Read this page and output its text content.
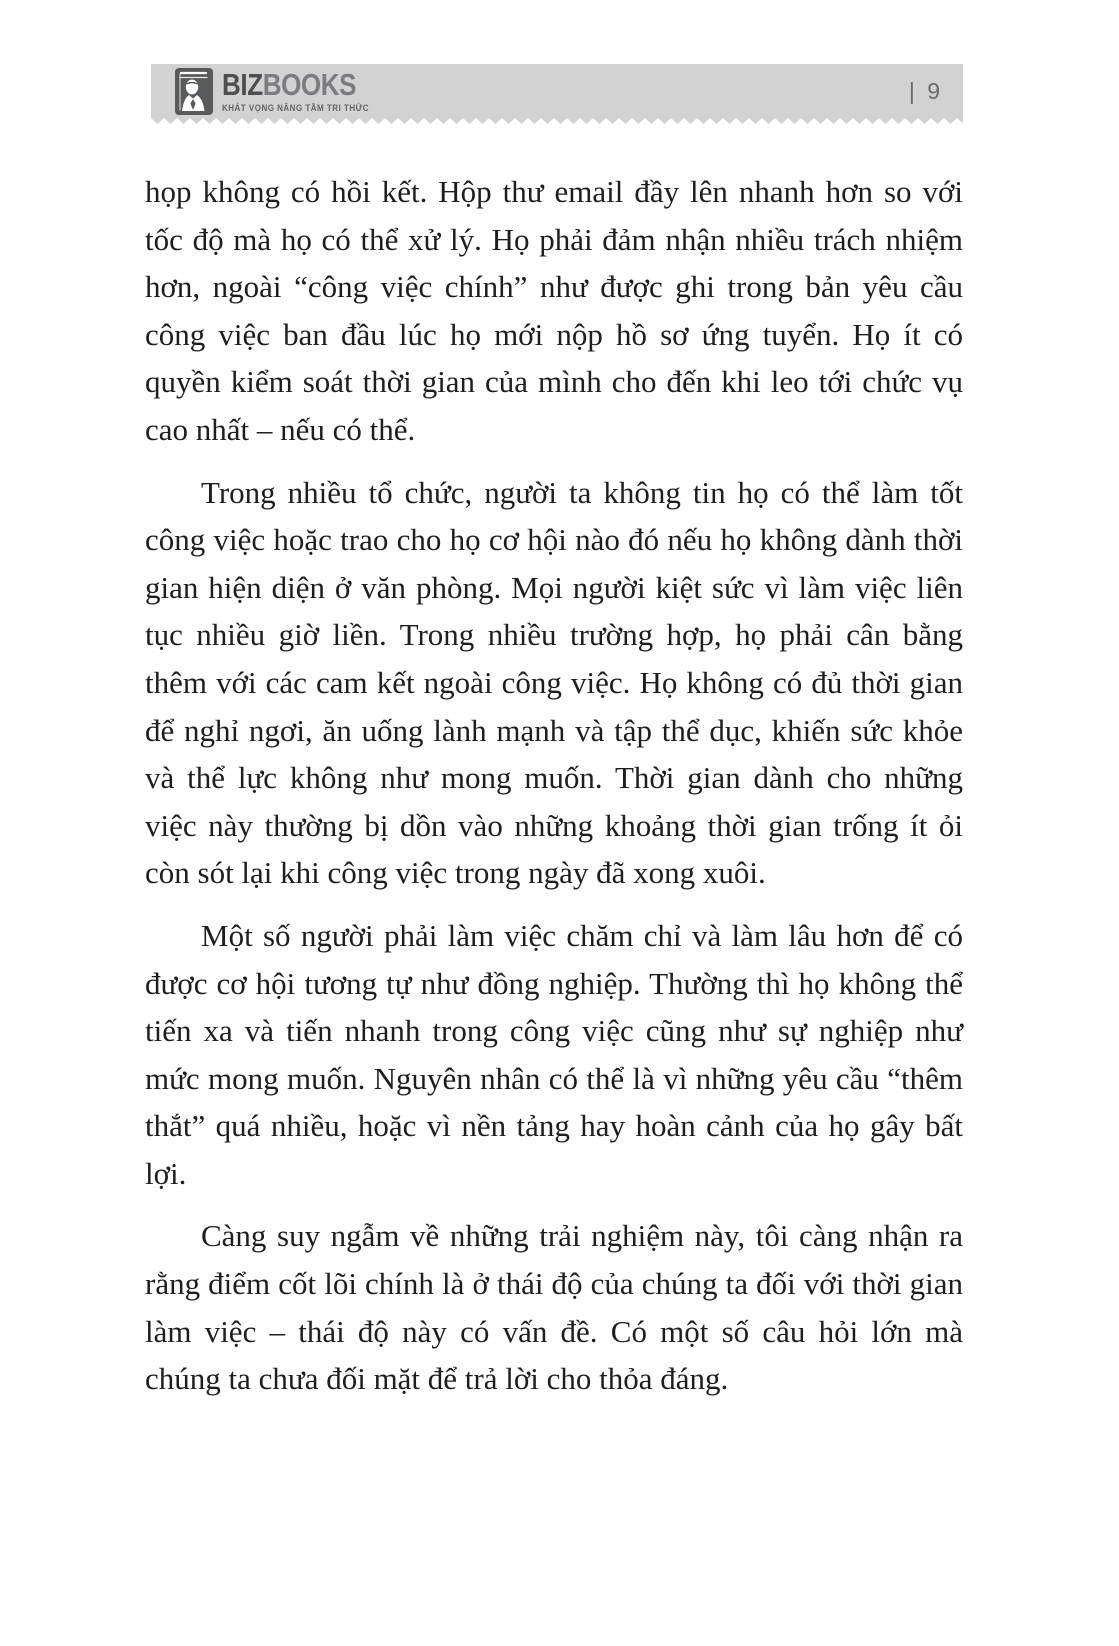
BIZBOOKS
KHÁT VỌNG NÂNG TẦM TRI THỨC
| 9

họp không có hồi kết. Hộp thư email đầy lên nhanh hơn so với tốc độ mà họ có thể xử lý. Họ phải đảm nhận nhiều trách nhiệm hơn, ngoài “công việc chính” như được ghi trong bản yêu cầu công việc ban đầu lúc họ mới nộp hồ sơ ứng tuyển. Họ ít có quyền kiểm soát thời gian của mình cho đến khi leo tới chức vụ cao nhất – nếu có thể.

Trong nhiều tổ chức, người ta không tin họ có thể làm tốt công việc hoặc trao cho họ cơ hội nào đó nếu họ không dành thời gian hiện diện ở văn phòng. Mọi người kiệt sức vì làm việc liên tục nhiều giờ liền. Trong nhiều trường hợp, họ phải cân bằng thêm với các cam kết ngoài công việc. Họ không có đủ thời gian để nghỉ ngơi, ăn uống lành mạnh và tập thể dục, khiến sức khỏe và thể lực không như mong muốn. Thời gian dành cho những việc này thường bị dồn vào những khoảng thời gian trống ít ỏi còn sót lại khi công việc trong ngày đã xong xuôi.

Một số người phải làm việc chăm chỉ và làm lâu hơn để có được cơ hội tương tự như đồng nghiệp. Thường thì họ không thể tiến xa và tiến nhanh trong công việc cũng như sự nghiệp như mức mong muốn. Nguyên nhân có thể là vì những yêu cầu “thêm thắt” quá nhiều, hoặc vì nền tảng hay hoàn cảnh của họ gây bất lợi.

Càng suy ngẫm về những trải nghiệm này, tôi càng nhận ra rằng điểm cốt lõi chính là ở thái độ của chúng ta đối với thời gian làm việc – thái độ này có vấn đề. Có một số câu hỏi lớn mà chúng ta chưa đối mặt để trả lời cho thỏa đáng.
